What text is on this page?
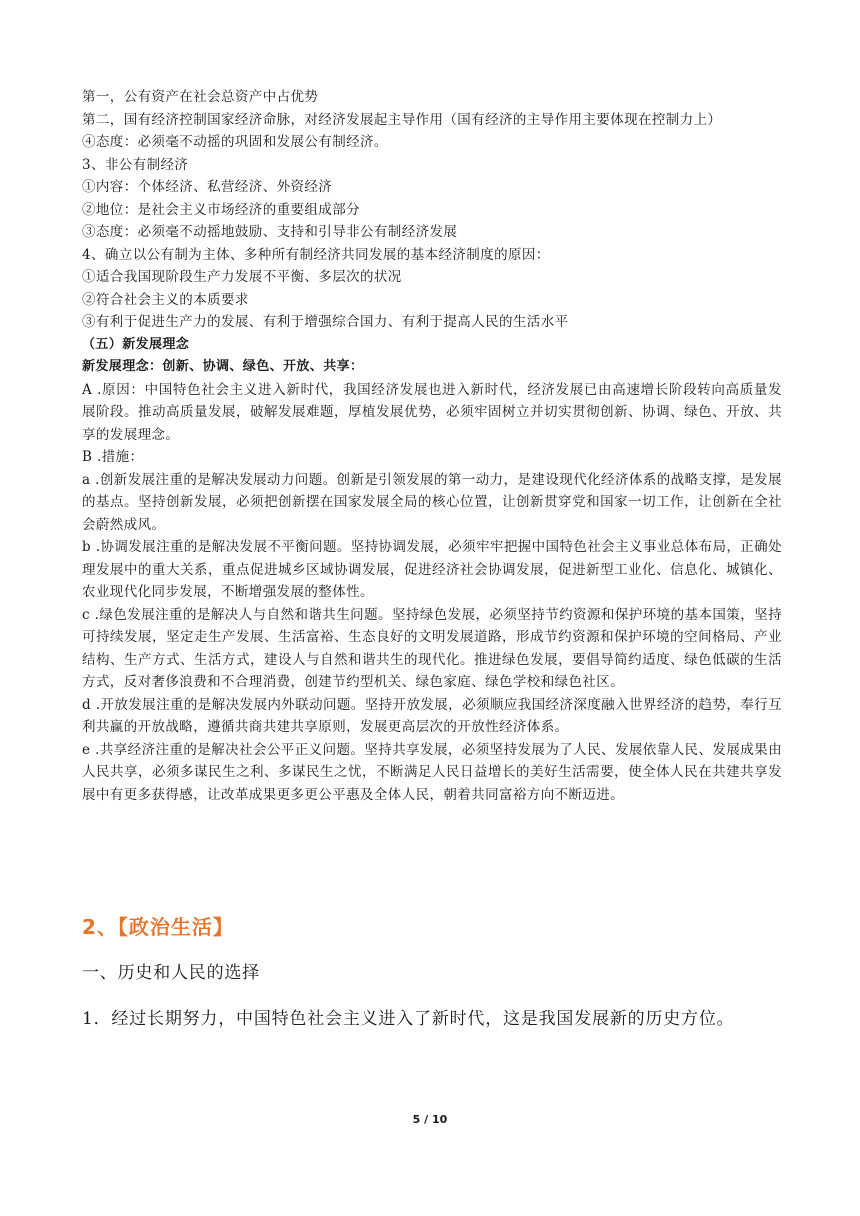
第一，公有资产在社会总资产中占优势

第二，国有经济控制国家经济命脉，对经济发展起主导作用（国有经济的主导作用主要体现在控制力上）

④态度：必须毫不动摇的巩固和发展公有制经济。

3、非公有制经济

①内容：个体经济、私营经济、外资经济

②地位：是社会主义市场经济的重要组成部分

③态度：必须毫不动摇地鼓励、支持和引导非公有制经济发展

4、确立以公有制为主体、多种所有制经济共同发展的基本经济制度的原因：

①适合我国现阶段生产力发展不平衡、多层次的状况

②符合社会主义的本质要求

③有利于促进生产力的发展、有利于增强综合国力、有利于提高人民的生活水平

（五）新发展理念

新发展理念：创新、协调、绿色、开放、共享：

A .原因：中国特色社会主义进入新时代，我国经济发展也进入新时代，经济发展已由高速增长阶段转向高质量发展阶段。推动高质量发展，破解发展难题，厚植发展优势，必须牢固树立并切实贯彻创新、协调、绿色、开放、共享的发展理念。

B .措施：

a .创新发展注重的是解决发展动力问题。创新是引领发展的第一动力，是建设现代化经济体系的战略支撑，是发展的基点。坚持创新发展，必须把创新摆在国家发展全局的核心位置，让创新贯穿党和国家一切工作，让创新在全社会蔚然成风。

b .协调发展注重的是解决发展不平衡问题。坚持协调发展，必须牢牢把握中国特色社会主义事业总体布局，正确处理发展中的重大关系，重点促进城乡区域协调发展，促进经济社会协调发展，促进新型工业化、信息化、城镇化、农业现代化同步发展，不断增强发展的整体性。

c .绿色发展注重的是解决人与自然和谐共生问题。坚持绿色发展，必须坚持节约资源和保护环境的基本国策，坚持可持续发展，坚定走生产发展、生活富裕、生态良好的文明发展道路，形成节约资源和保护环境的空间格局、产业结构、生产方式、生活方式，建设人与自然和谐共生的现代化。推进绿色发展，要倡导简约适度、绿色低碳的生活方式，反对奢侈浪费和不合理消费，创建节约型机关、绿色家庭、绿色学校和绿色社区。

d .开放发展注重的是解决发展内外联动问题。坚持开放发展，必须顺应我国经济深度融入世界经济的趋势，奉行互利共赢的开放战略，遵循共商共建共享原则，发展更高层次的开放性经济体系。

e .共享经济注重的是解决社会公平正义问题。坚持共享发展，必须坚持发展为了人民、发展依靠人民、发展成果由人民共享，必须多谋民生之利、多谋民生之忧，不断满足人民日益增长的美好生活需要，使全体人民在共建共享发展中有更多获得感，让改革成果更多更公平惠及全体人民，朝着共同富裕方向不断迈进。

2、【政治生活】

一、历史和人民的选择

1．经过长期努力，中国特色社会主义进入了新时代，这是我国发展新的历史方位。

5 / 10
